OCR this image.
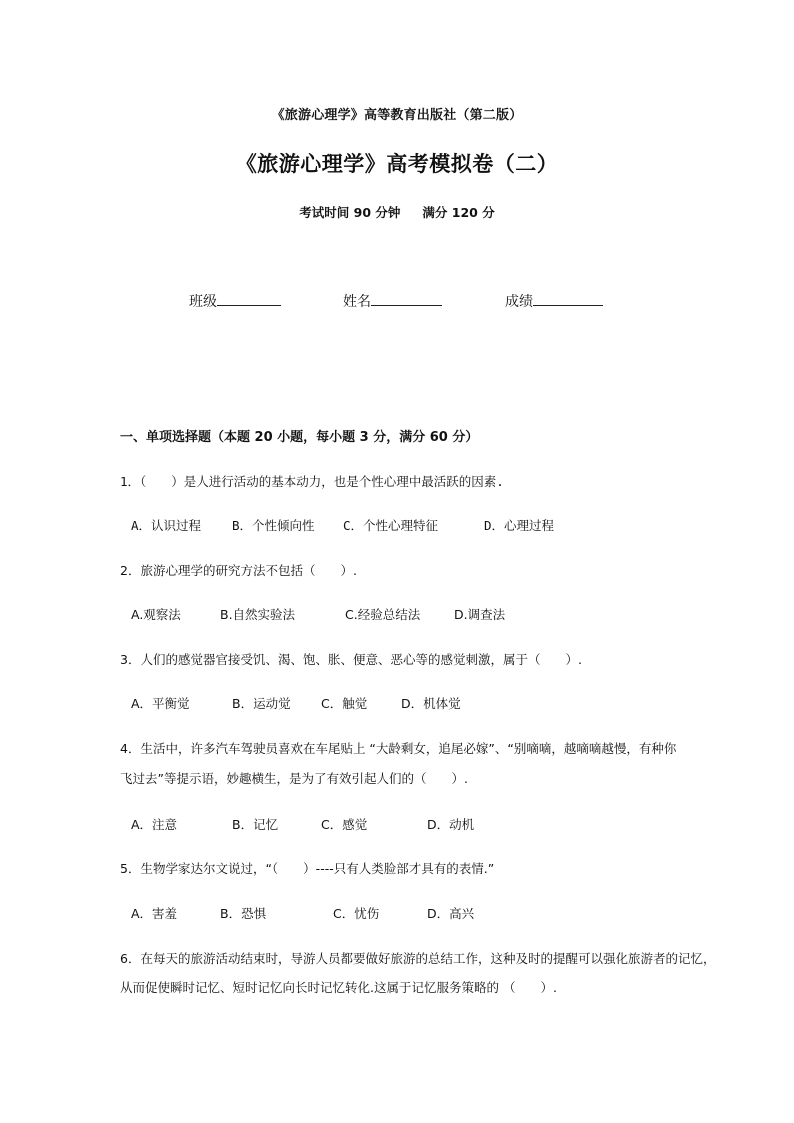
《旅游心理学》高等教育出版社（第二版）
《旅游心理学》高考模拟卷（二）
考试时间 90 分钟 满分 120 分
班级	姓名	成绩
一、单项选择题（本题 20 小题，每小题 3 分，满分 60 分）
1．（　　）是人进行活动的基本动力，也是个性心理中最活跃的因素.
A．认识过程 B．个性倾向性 C．个性心理特征	D．心理过程
2．旅游心理学的研究方法不包括（　　）.
A.观察法	B.自然实验法	C.经验总结法	D.调查法
3．人们的感觉器官接受饥、渴、饱、胀、便意、恶心等的感觉刺激，属于（　　）.
A．平衡觉	B．运动觉 C．触觉	D．机体觉
4．生活中，许多汽车驾驶员喜欢在车尾贴上 “大龄剩女，追尾必嫁”、“别嘀嘀，越嘀嘀越慢，有种你
飞过去”等提示语，妙趣横生，是为了有效引起人们的（　　）.
A．注意	B．记忆	C．感觉	D．动机
5．生物学家达尔文说过，“（　　）----只有人类脸部才具有的表情.”
A．害羞	B．恐惧	C．忧伤	D．高兴
6．在每天的旅游活动结束时，导游人员都要做好旅游的总结工作，这种及时的提醒可以强化旅游者的记忆，
从而促使瞬时记忆、短时记忆向长时记忆转化.这属于记忆服务策略的 （　　）.
